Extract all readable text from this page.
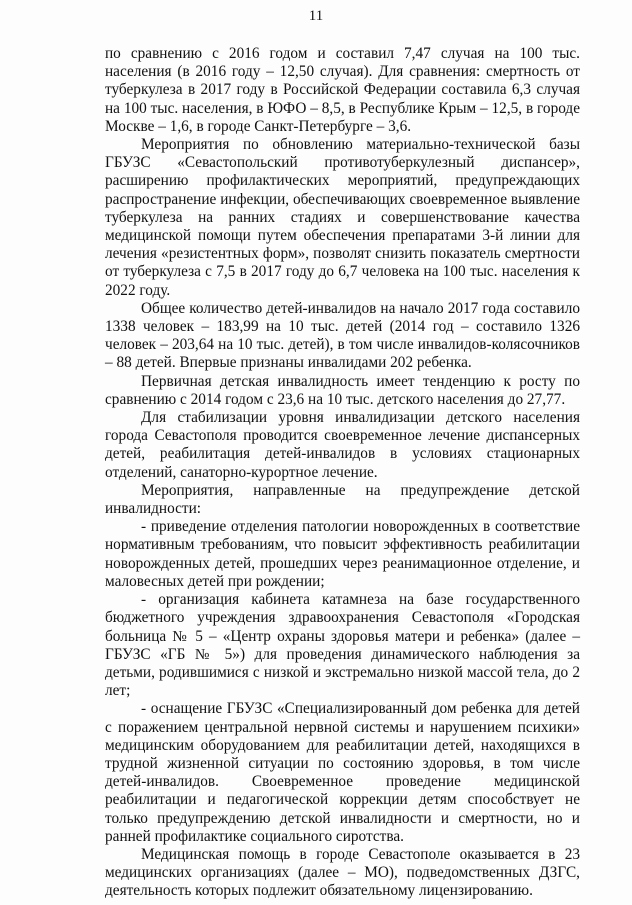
11

по сравнению с 2016 годом и составил 7,47 случая на 100 тыс. населения (в 2016 году – 12,50 случая). Для сравнения: смертность от туберкулеза в 2017 году в Российской Федерации составила 6,3 случая на 100 тыс. населения, в ЮФО – 8,5, в Республике Крым – 12,5, в городе Москве – 1,6, в городе Санкт-Петербурге – 3,6.

Мероприятия по обновлению материально-технической базы ГБУЗС «Севастопольский противотуберкулезный диспансер», расширению профилактических мероприятий, предупреждающих распространение инфекции, обеспечивающих своевременное выявление туберкулеза на ранних стадиях и совершенствование качества медицинской помощи путем обеспечения препаратами 3-й линии для лечения «резистентных форм», позволят снизить показатель смертности от туберкулеза с 7,5 в 2017 году до 6,7 человека на 100 тыс. населения к 2022 году.

Общее количество детей-инвалидов на начало 2017 года составило 1338 человек – 183,99 на 10 тыс. детей (2014 год – составило 1326 человек – 203,64 на 10 тыс. детей), в том числе инвалидов-колясочников – 88 детей. Впервые признаны инвалидами 202 ребенка.

Первичная детская инвалидность имеет тенденцию к росту по сравнению с 2014 годом с 23,6 на 10 тыс. детского населения до 27,77.

Для стабилизации уровня инвалидизации детского населения города Севастополя проводится своевременное лечение диспансерных детей, реабилитация детей-инвалидов в условиях стационарных отделений, санаторно-курортное лечение.

Мероприятия, направленные на предупреждение детской инвалидности:

- приведение отделения патологии новорожденных в соответствие нормативным требованиям, что повысит эффективность реабилитации новорожденных детей, прошедших через реанимационное отделение, и маловесных детей при рождении;

- организация кабинета катамнеза на базе государственного бюджетного учреждения здравоохранения Севастополя «Городская больница № 5 – «Центр охраны здоровья матери и ребенка» (далее – ГБУЗС «ГБ № 5») для проведения динамического наблюдения за детьми, родившимися с низкой и экстремально низкой массой тела, до 2 лет;

- оснащение ГБУЗС «Специализированный дом ребенка для детей с поражением центральной нервной системы и нарушением психики» медицинским оборудованием для реабилитации детей, находящихся в трудной жизненной ситуации по состоянию здоровья, в том числе детей-инвалидов. Своевременное проведение медицинской реабилитации и педагогической коррекции детям способствует не только предупреждению детской инвалидности и смертности, но и ранней профилактике социального сиротства.

Медицинская помощь в городе Севастополе оказывается в 23 медицинских организациях (далее – МО), подведомственных ДЗГС, деятельность которых подлежит обязательному лицензированию.
